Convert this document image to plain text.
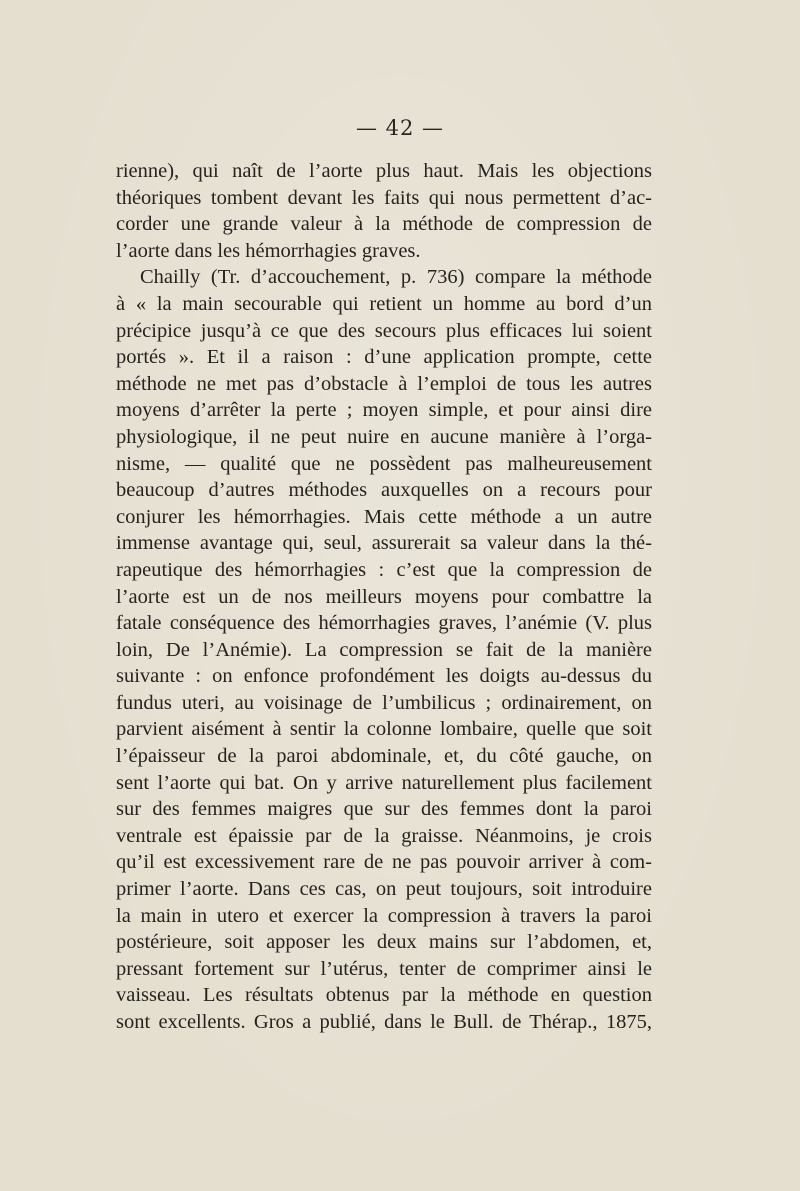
— 42 —
rienne), qui naît de l’aorte plus haut. Mais les objections
théoriques tombent devant les faits qui nous permettent d’ac-
corder une grande valeur à la méthode de compression de
l’aorte dans les hémorrhagies graves.
Chailly (Tr. d’accouchement, p. 736) compare la méthode
à « la main secourable qui retient un homme au bord d’un
précipice jusqu’à ce que des secours plus efficaces lui soient
portés ». Et il a raison : d’une application prompte, cette
méthode ne met pas d’obstacle à l’emploi de tous les autres
moyens d’arrêter la perte ; moyen simple, et pour ainsi dire
physiologique, il ne peut nuire en aucune manière à l’orga-
nisme, — qualité que ne possèdent pas malheureusement
beaucoup d’autres méthodes auxquelles on a recours pour
conjurer les hémorrhagies. Mais cette méthode a un autre
immense avantage qui, seul, assurerait sa valeur dans la thé-
rapeutique des hémorrhagies : c’est que la compression de
l’aorte est un de nos meilleurs moyens pour combattre la
fatale conséquence des hémorrhagies graves, l’anémie (V. plus
loin, De l’Anémie). La compression se fait de la manière
suivante : on enfonce profondément les doigts au-dessus du
fundus uteri, au voisinage de l’umbilicus ; ordinairement, on
parvient aisément à sentir la colonne lombaire, quelle que soit
l’épaisseur de la paroi abdominale, et, du côté gauche, on
sent l’aorte qui bat. On y arrive naturellement plus facilement
sur des femmes maigres que sur des femmes dont la paroi
ventrale est épaissie par de la graisse. Néanmoins, je crois
qu’il est excessivement rare de ne pas pouvoir arriver à com-
primer l’aorte. Dans ces cas, on peut toujours, soit introduire
la main in utero et exercer la compression à travers la paroi
postérieure, soit apposer les deux mains sur l’abdomen, et,
pressant fortement sur l’utérus, tenter de comprimer ainsi le
vaisseau. Les résultats obtenus par la méthode en question
sont excellents. Gros a publié, dans le Bull. de Thérap., 1875,
